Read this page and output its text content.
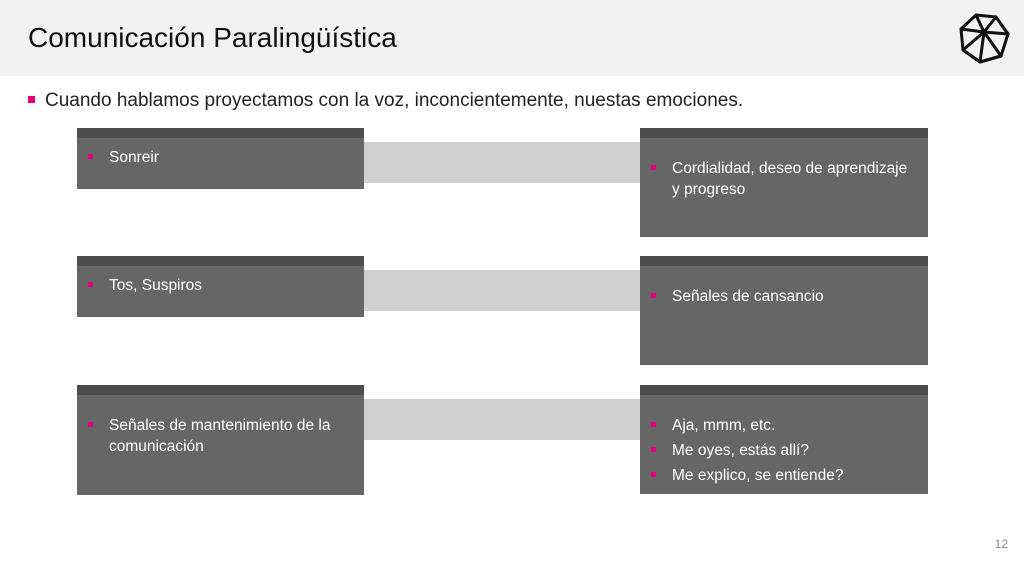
Comunicación Paralingüística
Cuando hablamos proyectamos con la voz, inconcientemente, nuestas emociones.
Sonreir
Cordialidad, deseo de aprendizaje y progreso
Tos, Suspiros
Señales de cansancio
Señales de mantenimiento de la comunicación
Aja, mmm, etc.
Me oyes, estás allí?
Me explico, se entiende?
12
